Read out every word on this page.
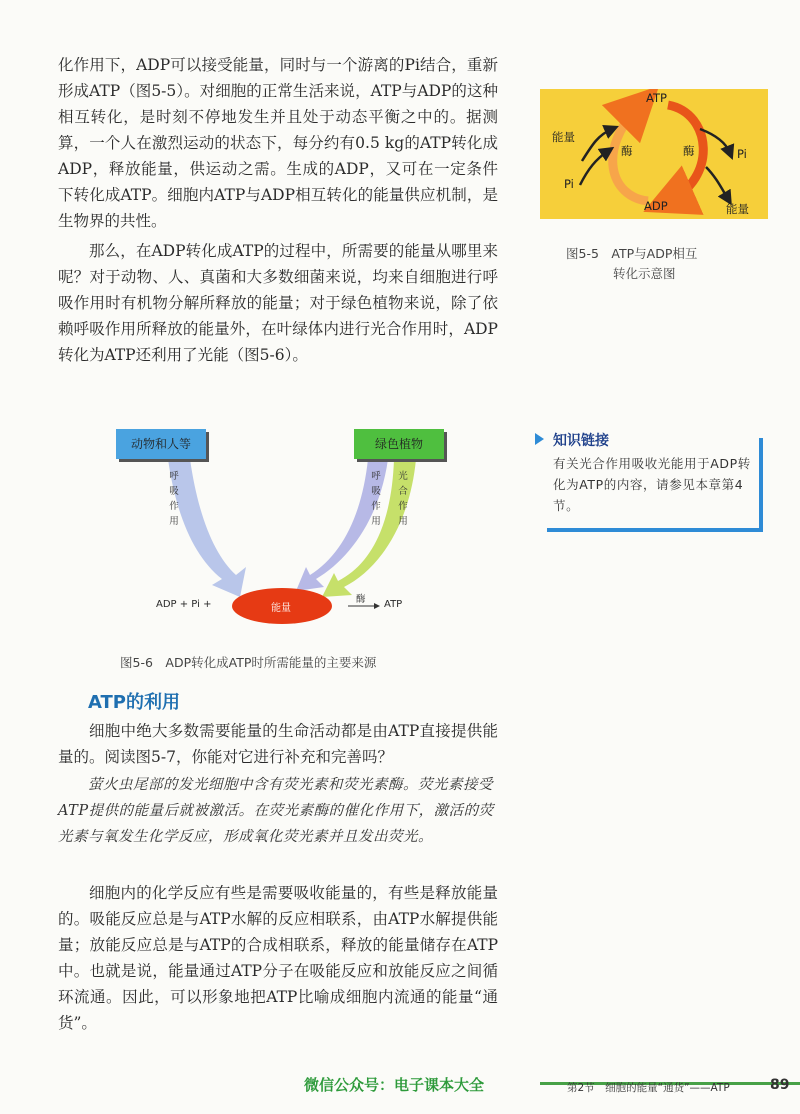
化作用下，ADP可以接受能量，同时与一个游离的Pi结合，重新形成ATP（图5-5）。对细胞的正常生活来说，ATP与ADP的这种相互转化，是时刻不停地发生并且处于动态平衡之中的。据测算，一个人在激烈运动的状态下，每分约有0.5 kg的ATP转化成ADP，释放能量，供运动之需。生成的ADP，又可在一定条件下转化成ATP。细胞内ATP与ADP相互转化的能量供应机制，是生物界的共性。

那么，在ADP转化成ATP的过程中，所需要的能量从哪里来呢？对于动物、人、真菌和大多数细菌来说，均来自细胞进行呼吸作用时有机物分解所释放的能量；对于绿色植物来说，除了依赖呼吸作用所释放的能量外，在叶绿体内进行光合作用时，ADP转化为ATP还利用了光能（图5-6）。

ATP
ADP
能量
Pi
酶	酶	Pi
能量
图5-5　ATP与ADP相互
转化示意图
知识链接
有关光合作用吸收光能用于ADP转化为ATP的内容，请参见本章第4节。
动物和人等	绿色植物
呼吸作用
呼吸作用
光合作用
ADP + Pi +	能量
酶 ATP
图5-6　ADP转化成ATP时所需能量的主要来源
ATP的利用

细胞中绝大多数需要能量的生命活动都是由ATP直接提供能量的。阅读图5-7，你能对它进行补充和完善吗？

萤火虫尾部的发光细胞中含有荧光素和荧光素酶。荧光素接受ATP提供的能量后就被激活。在荧光素酶的催化作用下，激活的荧光素与氧发生化学反应，形成氧化荧光素并且发出荧光。

细胞内的化学反应有些是需要吸收能量的，有些是释放能量的。吸能反应总是与ATP水解的反应相联系，由ATP水解提供能量；放能反应总是与ATP的合成相联系，释放的能量储存在ATP中。也就是说，能量通过ATP分子在吸能反应和放能反应之间循环流通。因此，可以形象地把ATP比喻成细胞内流通的能量“通货”。

微信公众号：电子课本大全	第2节　细胞的能量“通货”——ATP	89
